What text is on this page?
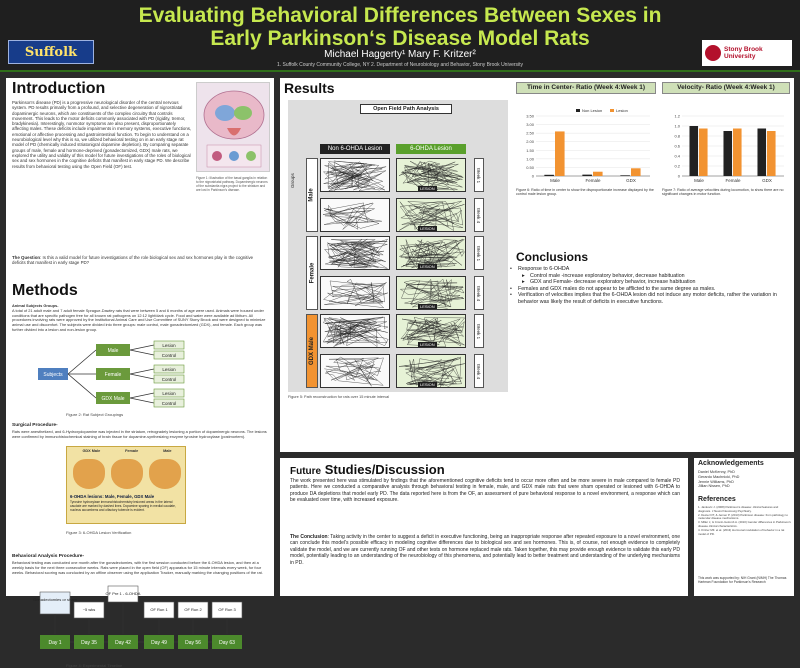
Suffolk
Evaluating Behavioral Differences Between Sexes in
Early Parkinson‘s Disease Model Rats
Michael Haggerty¹ Mary F. Kritzer²
1. Suffolk County Community College, NY 2. Department of Neurobiology and Behavior, Stony Brook University
Stony Brook University
Introduction
Parkinson's disease (PD) is a progressive neurological disorder of the central nervous system. PD results primarily from a profound, and selective degeneration of nigrostriatal dopaminergic neurons, which are constituents of the complex circuitry that controls movement. This leads to the motor deficits commonly associated with PD (rigidity, tremor, bradykinesia). Interestingly, nonmotor symptoms are also present, disproportionately affecting males. These deficits include impairments in memory systems, executive functions, emotional or affective processing and gastrointestinal function. To begin to understand on a neurobiological level why this is so, we utilized behavioral testing on in an early stage rat model of PD (chemically induced striatonigral dopamine depletion). By comparing separate groups of male, female and hormone-deprived (gonadectomized, GDX) male rats, we explored the utility and validity of this model for future investigations of the roles of biological sex and sex hormones in the cognitive deficits that manifest in early stage PD. We describe results from behavioral testing using the Open Field (OF) test.
Figure 1: Illustration of the basal ganglia in relation to the nigrostriatal pathway. Dopaminergic neurons of the substantia nigra project to the striatum and are lost in Parkinson's disease.
The Question: Is this a valid model for future investigations of the role biological sex and sex hormones play in the cognitive deficits that manifest in early stage PD?
Methods
Animal Subjects Groups-
A total of 21 adult male and 7 adult female Sprague-Dawley rats that were between 5 and 6 months of age were used. Animals were housed under conditions that are specific pathogen free for all known rat pathogens on 12:12 light/dark cycle. Food and water were available ad libitum. All procedures involving rats were approved by the Institutional Animal Care and Use Committee of SUNY Stony Brook and were designed to minimize animal use and discomfort. The subjects were divided into three groups: male control, male gonadectomized (GDX), and female. Each group was further divided into a lesion and non-lesion group.
Subjects
Male
Lesion
Control
Female
Lesion
Control
GDX Male
Lesion
Control
Figure 2: Rat Subject Groupings
Surgical Procedure-
Rats were anesthetized, and 6-Hydroxydopamine was injected in the striatum, retrogradely lesioning a portion of dopaminergic neurons. The lesions were confirmed by immunohistochemical staining of brain tissue for dopamine-synthesizing enzyme tyrosine hydroxylase (postmortem).
GDX Male	Female	Male
6-OHDA lesions: Male, Female, GDX Male
Tyrosine hydroxylase immunohistochemistry lesioned areas in the lateral caudate are marked by dashed lines. Dopamine sparing in medial caudate, nucleus accumbens and olfactory tubercle is evident.
Figure 3: 6-OHDA Lesion Verification
Behavioral Analysis Procedure-
Behavioral testing was conducted one month after the gonadectomies, with the first session conducted before the 6-OHDA lesion, and then at a weekly basis for the next three consecutive weeks. Rats were placed in the open field (OF) apparatus for 15 minute intervals every week, for four weeks. Behavioral scoring was conducted by an offline observer using the application Tracker, manually marking the changing positions of the rat.
Gonadectomies or sham
~5 wks
OF Pre 1 - 6-OHDA
OF Run 1	OF Run 2	OF Run 3
Day 1	Day 35	Day 42	Day 49	Day 56	Day 63
Figure 4: Experimental Timeline
Results
Open Field Path Analysis
Non 6-OHDA Lesion	6-OHDA Lesion
Groups
Male	LESION
Week 1
LESION
Week 4
Female	LESION
Week 1
LESION
Week 4
GDX Male	LESION
Week 1
LESION
Week 4
Figure 5: Path reconstruction for rats over 15 minute interval
Time in Center- Ratio (Week 4:Week 1)
0
0.50
1.00
1.50
2.00
2.50
3.00
3.50
Male	Female	GDX
Non Lesion	Lesion
Figure 6: Ratio of time in center to show the disproportionate increase displayed by the control male lesion group.
Velocity- Ratio (Week 4:Week 1)
0
0.2
0.4
0.6
0.8
1.0
1.2
Male	Female	GDX
Figure 7: Ratio of average velocities during locomotion, to show there are no significant changes in motor function.
Conclusions
• Response to 6-OHDA
▸ Control male -increase exploratory behavior, decrease habituation
▸ GDX and Female- decrease exploratory behavior, increase habituation
• Females and GDX males do not appear to be afflicted to the same degree as males.
• Verification of velocities implies that the 6-OHDA lesion did not induce any motor deficits, rather the variation in behavior was likely the result of deficits in executive functions.
Future Studies/Discussion
The work presented here was stimulated by findings that the aforementioned cognitive deficits tend to occur more often and be more severe in male compared to female PD patients. Here we conducted a comparative analysis through behavioral testing in female, male, and GDX male rats that were sham operated or lesioned with 6-OHDA to produce DA depletions that model early PD. The data reported here is from the OF, an assessment of pure behavioral response to a novel environment, a response which can be evaluated over time, with increased exposure.
The Conclusion: Taking activity in the center to suggest a deficit in executive functioning, being an inappropriate response after repeated exposure to a novel environment, one can conclude this model's possible efficacy in modeling cognitive differences due to biological sex and sex hormones. This is, of course, not enough evidence to completely validate the model, and we are currently running OF and other tests on hormone replaced male rats. Taken together, this may provide enough evidence to validate this early PD model, potentially leading to an understanding of the neurobiology of this phenomena, and potentially lead to better treatment and understanding of the underlying mechanisms in PD.
Acknowledgements
Daniel McKenny, PhD
Gerardo Machnicki, PhD
Jennie Williams, PhD
Jillian Nissen, PhD
References
1. Jankovic J. (2008) Parkinson's disease: clinical features and diagnosis. J Neurol Neurosurg Psychiatry.
2. Dexter DT, & Jenner P. (2013) Parkinson disease: from pathology to molecular disease mechanisms.
3. Miller J, & Cronin-Golomb A. (2010) Gender differences in Parkinson's disease clinical characteristics.
4. Kritzer MF. et al. (2013) Hormonal modulation of behavior in a rat model of PD.
This work was supported by: NIH Grant (NIMH) The Thomas Hartman Foundation for Parkinson's Research
